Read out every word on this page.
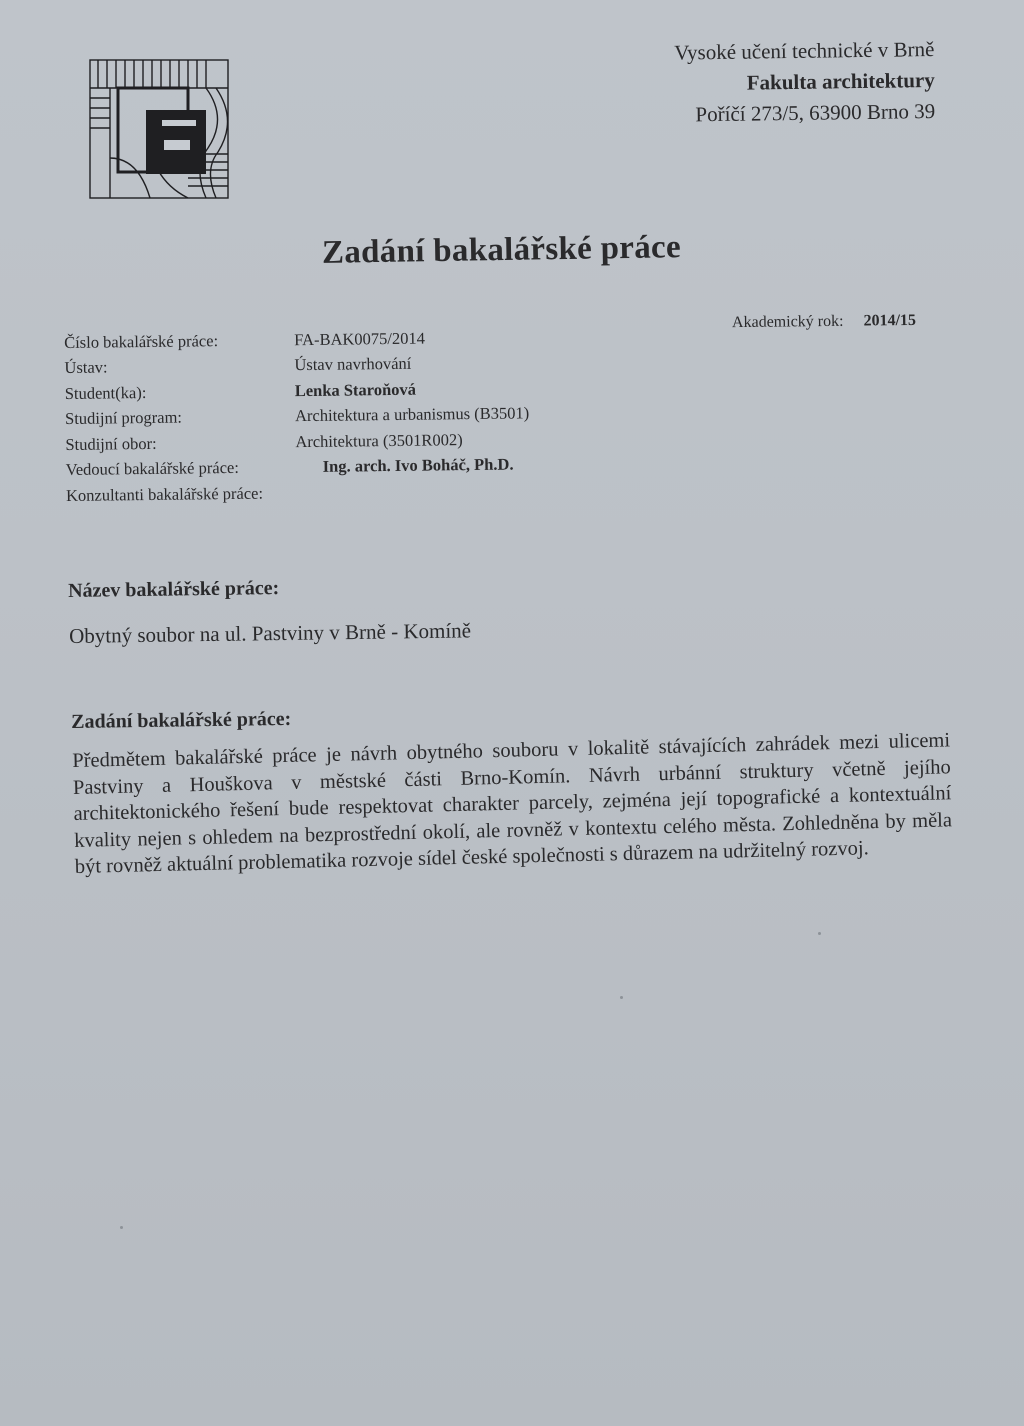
Vysoké učení technické v Brně
Fakulta architektury
Poříčí 273/5, 63900 Brno 39
Zadání bakalářské práce
Akademický rok: 2014/15
Číslo bakalářské práce:	FA-BAK0075/2014
Ústav:	Ústav navrhování
Student(ka):	Lenka Staroňová
Studijní program:	Architektura a urbanismus (B3501)
Studijní obor:	Architektura (3501R002)
Vedoucí bakalářské práce:	Ing. arch. Ivo Boháč, Ph.D.
Konzultanti bakalářské práce:
Název bakalářské práce:
Obytný soubor na ul. Pastviny v Brně - Komíně
Zadání bakalářské práce:
Předmětem bakalářské práce je návrh obytného souboru v lokalitě stávajících zahrádek mezi ulicemi Pastviny a Houškova v městské části Brno-Komín. Návrh urbánní struktury včetně jejího architektonického řešení bude respektovat charakter parcely, zejména její topografické a kontextuální kvality nejen s ohledem na bezprostřední okolí, ale rovněž v kontextu celého města. Zohledněna by měla být rovněž aktuální problematika rozvoje sídel české společnosti s důrazem na udržitelný rozvoj.
